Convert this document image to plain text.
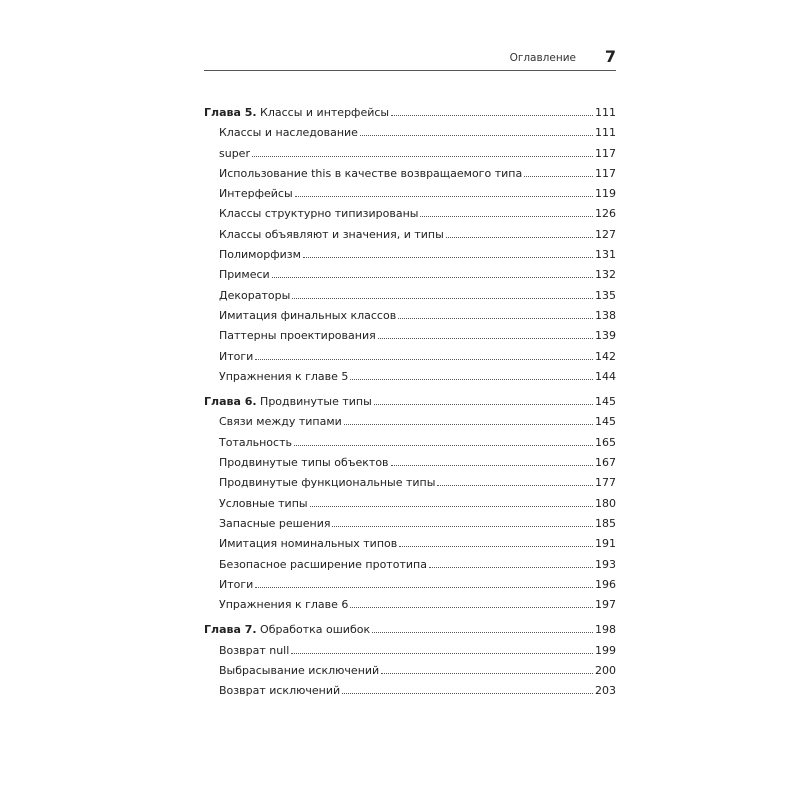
Оглавление 7
Глава 5. Классы и интерфейсы	111
Классы и наследование	111
super	117
Использование this в качестве возвращаемого типа	117
Интерфейсы	119
Классы структурно типизированы	126
Классы объявляют и значения, и типы	127
Полиморфизм	131
Примеси	132
Декораторы	135
Имитация финальных классов	138
Паттерны проектирования	139
Итоги	142
Упражнения к главе 5	144
Глава 6. Продвинутые типы	145
Связи между типами	145
Тотальность	165
Продвинутые типы объектов	167
Продвинутые функциональные типы	177
Условные типы	180
Запасные решения	185
Имитация номинальных типов	191
Безопасное расширение прототипа	193
Итоги	196
Упражнения к главе 6	197
Глава 7. Обработка ошибок	198
Возврат null	199
Выбрасывание исключений	200
Возврат исключений	203
